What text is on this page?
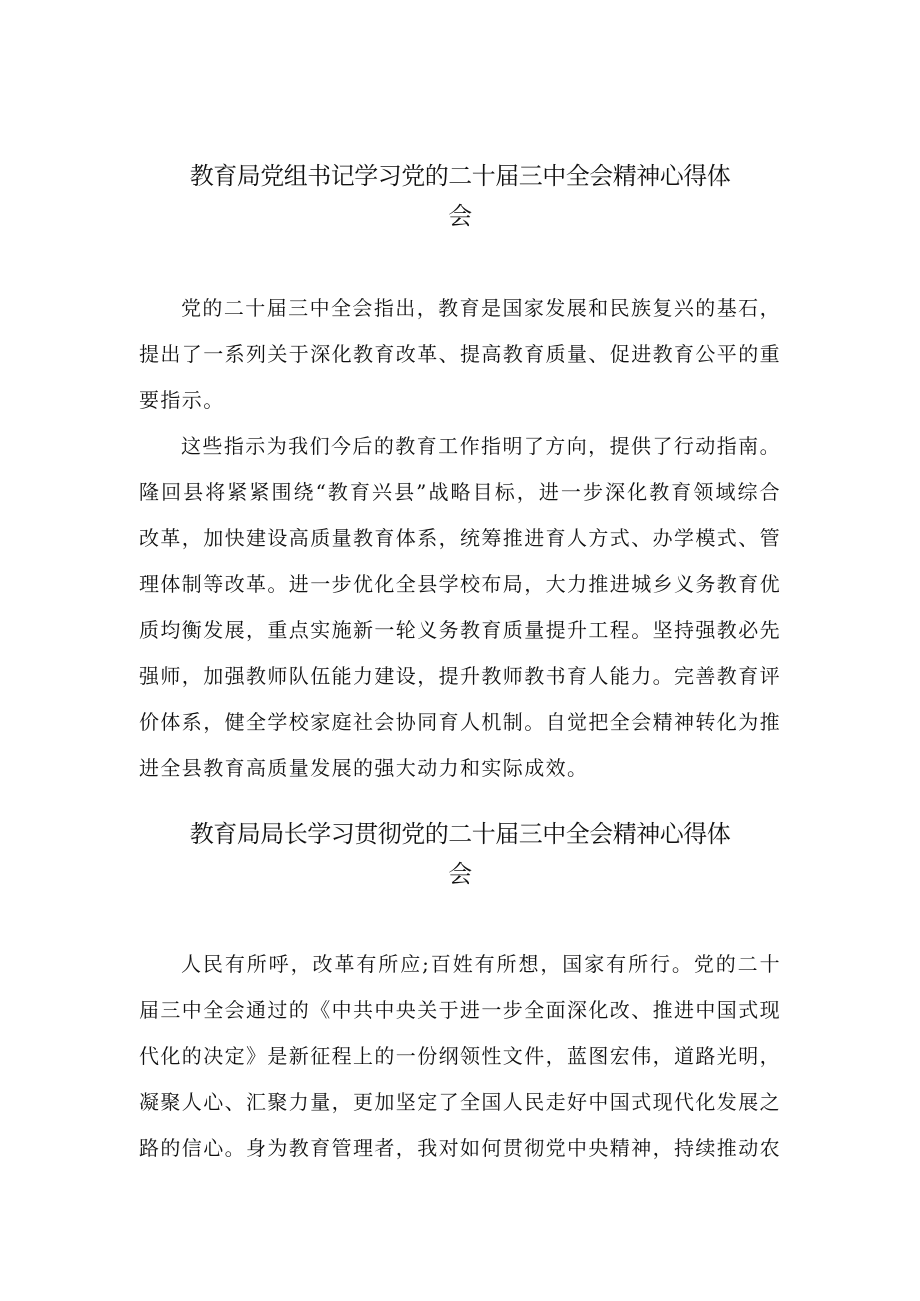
教育局党组书记学习党的二十届三中全会精神心得体
会

党的二十届三中全会指出，教育是国家发展和民族复兴的基石，提出了一系列关于深化教育改革、提高教育质量、促进教育公平的重要指示。

这些指示为我们今后的教育工作指明了方向，提供了行动指南。隆回县将紧紧围绕“教育兴县”战略目标，进一步深化教育领域综合改革，加快建设高质量教育体系，统筹推进育人方式、办学模式、管理体制等改革。进一步优化全县学校布局，大力推进城乡义务教育优质均衡发展，重点实施新一轮义务教育质量提升工程。坚持强教必先强师，加强教师队伍能力建设，提升教师教书育人能力。完善教育评价体系，健全学校家庭社会协同育人机制。自觉把全会精神转化为推进全县教育高质量发展的强大动力和实际成效。

教育局局长学习贯彻党的二十届三中全会精神心得体
会

人民有所呼，改革有所应;百姓有所想，国家有所行。党的二十届三中全会通过的《中共中央关于进一步全面深化改、推进中国式现代化的决定》是新征程上的一份纲领性文件，蓝图宏伟，道路光明，凝聚人心、汇聚力量，更加坚定了全国人民走好中国式现代化发展之路的信心。身为教育管理者，我对如何贯彻党中央精神，持续推动农
